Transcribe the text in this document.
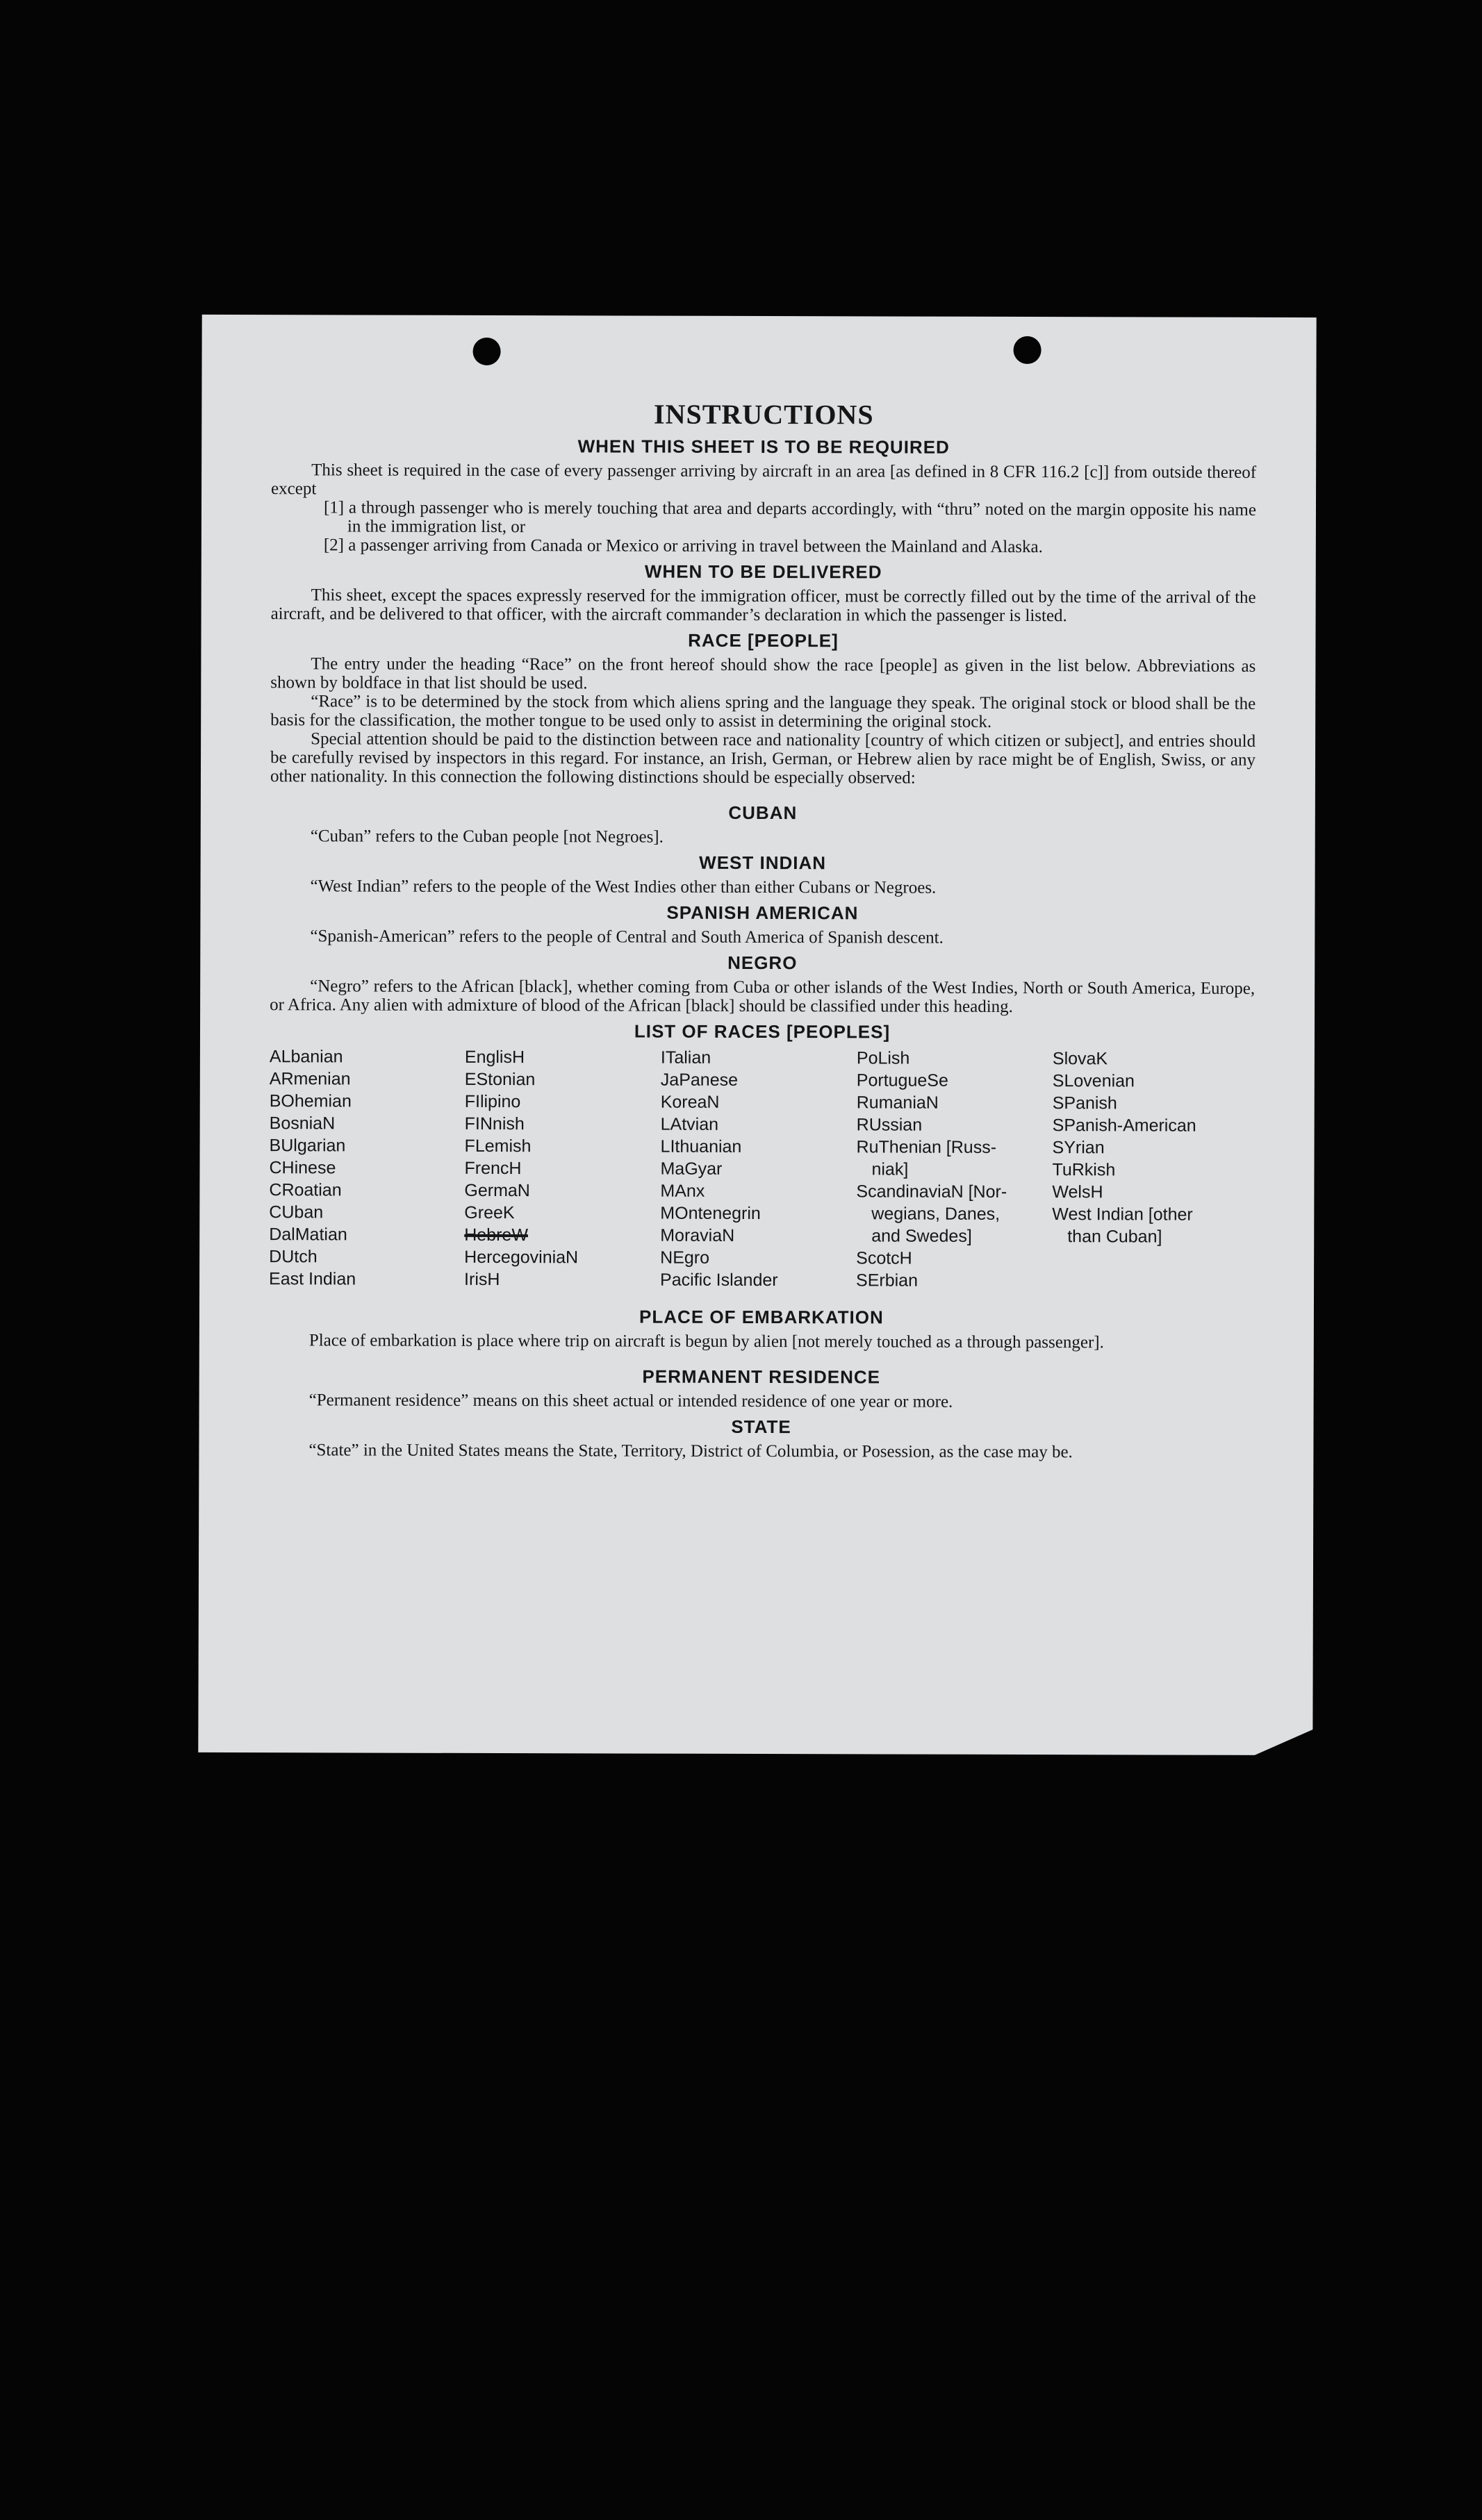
INSTRUCTIONS
WHEN THIS SHEET IS TO BE REQUIRED

This sheet is required in the case of every passenger arriving by aircraft in an area [as defined in 8 CFR 116.2 [c]] from outside thereof except

[1] a through passenger who is merely touching that area and departs accordingly, with “thru” noted on the margin opposite his name in the immigration list, or
[2] a passenger arriving from Canada or Mexico or arriving in travel between the Mainland and Alaska.
WHEN TO BE DELIVERED

This sheet, except the spaces expressly reserved for the immigration officer, must be correctly filled out by the time of the arrival of the aircraft, and be delivered to that officer, with the aircraft commander’s declaration in which the passenger is listed.

RACE [PEOPLE]

The entry under the heading “Race” on the front hereof should show the race [people] as given in the list below. Abbreviations as shown by boldface in that list should be used.

“Race” is to be determined by the stock from which aliens spring and the language they speak. The original stock or blood shall be the basis for the classification, the mother tongue to be used only to assist in determining the original stock.

Special attention should be paid to the distinction between race and nationality [country of which citizen or subject], and entries should be carefully revised by inspectors in this regard. For instance, an Irish, German, or Hebrew alien by race might be of English, Swiss, or any other nationality. In this connection the following distinctions should be especially observed:

CUBAN

“Cuban” refers to the Cuban people [not Negroes].

WEST INDIAN

“West Indian” refers to the people of the West Indies other than either Cubans or Negroes.

SPANISH AMERICAN

“Spanish-American” refers to the people of Central and South America of Spanish descent.

NEGRO

“Negro” refers to the African [black], whether coming from Cuba or other islands of the West Indies, North or South America, Europe, or Africa. Any alien with admixture of blood of the African [black] should be classified under this heading.

LIST OF RACES [PEOPLES]
ALbanian
ARmenian
BOhemian
BosniaN
BUlgarian
CHinese
CRoatian
CUban
DalMatian
DUtch
East Indian
EnglisH
EStonian
FIlipino
FINnish
FLemish
FrencH
GermaN
GreeK
HebreW
HercegovinіaN
IrisH
ITalian
JaPanese
KoreaN
LAtvian
LIthuanian
MaGyar
MAnx
MOntenegrin
MoraviaN
NEgro
Pacific Islander
PoLish
PortugueSe
RumaniaN
RUssian
RuThenian [Russ-
niak]
ScandinaviaN [Nor-
wegians, Danes,
and Swedes]
ScotcH
SErbian
SlovaK
SLovenian
SPanish
SPanish-American
SYrian
TuRkish
WelsH
West Indian [other
than Cuban]
PLACE OF EMBARKATION

Place of embarkation is place where trip on aircraft is begun by alien [not merely touched as a through passenger].

PERMANENT RESIDENCE

“Permanent residence” means on this sheet actual or intended residence of one year or more.

STATE

“State” in the United States means the State, Territory, District of Columbia, or Posession, as the case may be.
